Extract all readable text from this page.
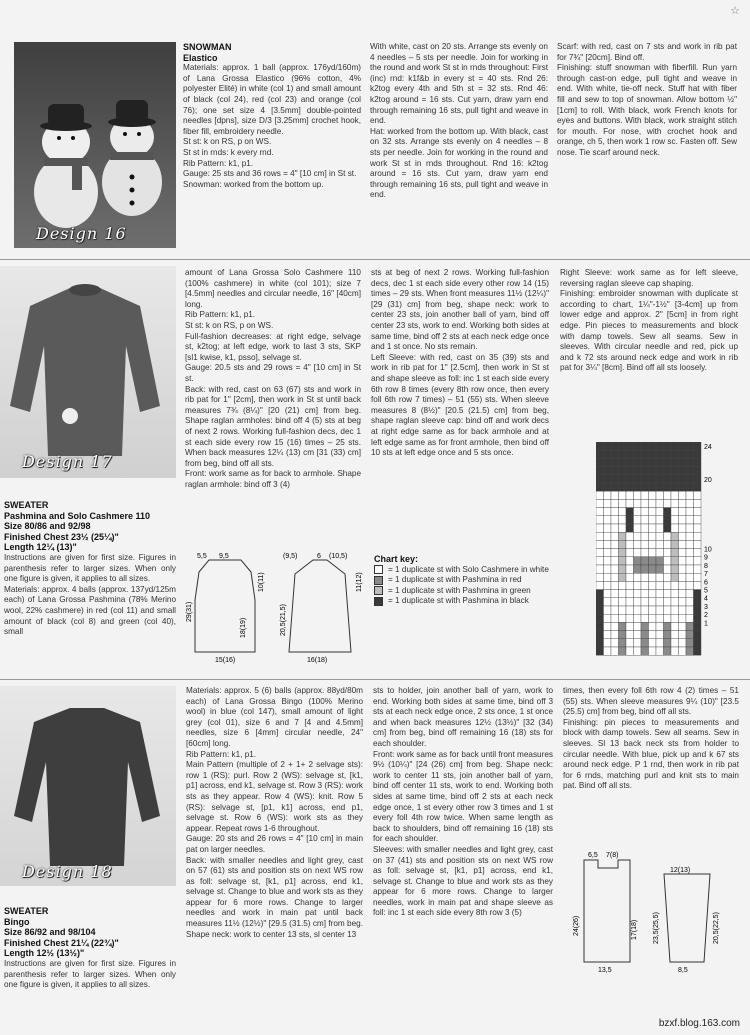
☆
Design 16
SNOWMAN
Elastico
Materials: approx. 1 ball (approx. 176yd/160m) of Lana Grossa Elastico (96% cotton, 4% polyester Elité) in white (col 1) and small amount of black (col 24), red (col 23) and orange (col 76); one set size 4 [3.5mm] double-pointed needles [dpns], size D/3 [3.25mm] crochet hook, fiber fill, embroidery needle.
St st: k on RS, p on WS.
St st in rnds: k every rnd.
Rib Pattern: k1, p1.
Gauge: 25 sts and 36 rows = 4" [10 cm] in St st.
Snowman: worked from the bottom up.
With white, cast on 20 sts. Arrange sts evenly on 4 needles – 5 sts per needle. Join for working in the round and work St st in rnds throughout: First (inc) rnd: k1f&b in every st = 40 sts. Rnd 26: k2tog every 4th and 5th st = 32 sts. Rnd 46: k2tog around = 16 sts. Cut yarn, draw yarn end through remaining 16 sts, pull tight and weave in end.
Hat: worked from the bottom up. With black, cast on 32 sts. Arrange sts evenly on 4 needles – 8 sts per needle. Join for working in the round and work St st in rnds throughout. Rnd 16: k2tog around = 16 sts. Cut yarn, draw yarn end through remaining 16 sts, pull tight and weave in end.
Scarf: with red, cast on 7 sts and work in rib pat for 7¾" [20cm]. Bind off.
Finishing: stuff snowman with fiberfill. Run yarn through cast-on edge, pull tight and weave in end. With white, tie-off neck. Stuff hat with fiber fill and sew to top of snowman. Allow bottom ½" [1cm] to roll. With black, work French knots for eyes and buttons. With black, work straight stitch for mouth. For nose, with crochet hook and orange, ch 5, then work 1 row sc. Fasten off. Sew nose. Tie scarf around neck.
Design 17
SWEATER
Pashmina and Solo Cashmere 110
Size 80/86 and 92/98
Finished Chest 23½ (25¼)"
Length 12¼ (13)"
Instructions are given for first size. Figures in parenthesis refer to larger sizes. When only one figure is given, it applies to all sizes.
Materials: approx. 4 balls (approx. 137yd/125m each) of Lana Grossa Pashmina (78% Merino wool, 22% cashmere) in red (col 11) and small amount of black (col 8) and green (col 40), small
amount of Lana Grossa Solo Cashmere 110 (100% cashmere) in white (col 101); size 7 [4.5mm] needles and circular needle, 16" [40cm] long.
Rib Pattern: k1, p1.
St st: k on RS, p on WS.
Full-fashion decreases: at right edge, selvage st, k2tog; at left edge, work to last 3 sts, SKP [sl1 kwise, k1, psso], selvage st.
Gauge: 20.5 sts and 29 rows = 4" [10 cm] in St st.
Back: with red, cast on 63 (67) sts and work in rib pat for 1" [2cm], then work in St st until back measures 7¾ (8¼)" [20 (21) cm] from beg. Shape raglan armholes: bind off 4 (5) sts at beg of next 2 rows. Working full-fashion decs, dec 1 st each side every row 15 (16) times – 25 sts. When back measures 12¼ (13) cm [31 (33) cm] from beg, bind off all sts.
Front: work same as for back to armhole. Shape raglan armhole: bind off 3 (4)
sts at beg of next 2 rows. Working full-fashion decs, dec 1 st each side every other row 14 (15) times – 29 sts. When front measures 11½ (12¼)" [29 (31) cm] from beg, shape neck: work to center 23 sts, join another ball of yarn, bind off center 23 sts, work to end. Working both sides at same time, bind off 2 sts at each neck edge once and 1 st once. No sts remain.
Left Sleeve: with red, cast on 35 (39) sts and work in rib pat for 1" [2.5cm], then work in St st and shape sleeve as foll: inc 1 st each side every 6th row 8 times (every 8th row once, then every foll 6th row 7 times) – 51 (55) sts. When sleeve measures 8 (8½)" [20.5 (21.5) cm] from beg, shape raglan sleeve cap: bind off and work decs at right edge same as for back armhole and at left edge same as for front armhole, then bind off 10 sts at left edge once and 5 sts once.
Right Sleeve: work same as for left sleeve, reversing raglan sleeve cap shaping.
Finishing: embroider snowman with duplicate st according to chart, 1¼"-1½" [3-4cm] up from lower edge and approx. 2" [5cm] in from right edge. Pin pieces to measurements and block with damp towels. Sew all seams. Sew in sleeves. With circular needle and red, pick up and k 72 sts around neck edge and work in rib pat for 3¼" [8cm]. Bind off all sts loosely.
Chart key:
= 1 duplicate st with Solo Cashmere in white
= 1 duplicate st with Pashmina in red
= 1 duplicate st with Pashmina in green
= 1 duplicate st with Pashmina in black
24
20
10
9
8
7
6
5
4
3
2
1
5,5 9,5
10(11)
29(31)
18(19)
15(16)
(9,5)	6 (10,5)
11(12)
20,5(21,5)
16(18)
Design 18
SWEATER
Bingo
Size 86/92 and 98/104
Finished Chest 21¼ (22¾)"
Length 12½ (13½)"
Instructions are given for first size. Figures in parenthesis refer to larger sizes. When only one figure is given, it applies to all sizes.
Materials: approx. 5 (6) balls (approx. 88yd/80m each) of Lana Grossa Bingo (100% Merino wool) in blue (col 147), small amount of light grey (col 01), size 6 and 7 [4 and 4.5mm] needles, size 6 [4mm] circular needle, 24" [60cm] long.
Rib Pattern: k1, p1.
Main Pattern (multiple of 2 + 1+ 2 selvage sts): row 1 (RS): purl. Row 2 (WS): selvage st, [k1, p1] across, end k1, selvage st. Row 3 (RS): work sts as they appear. Row 4 (WS): knit. Row 5 (RS): selvage st, [p1, k1] across, end p1, selvage st. Row 6 (WS): work sts as they appear. Repeat rows 1-6 throughout.
Gauge: 20 sts and 26 rows = 4" [10 cm] in main pat on larger needles.
Back: with smaller needles and light grey, cast on 57 (61) sts and position sts on next WS row as foll: selvage st, [k1, p1] across, end k1, selvage st. Change to blue and work sts as they appear for 6 more rows. Change to larger needles and work in main pat until back measures 11½ (12½)" [29.5 (31.5) cm] from beg. Shape neck: work to center 13 sts, sl center 13
sts to holder, join another ball of yarn, work to end. Working both sides at same time, bind off 3 sts at each neck edge once, 2 sts once, 1 st once and when back measures 12½ (13½)" [32 (34) cm] from beg, bind off remaining 16 (18) sts for each shoulder.
Front: work same as for back until front measures 9½ (10¼)" [24 (26) cm] from beg. Shape neck: work to center 11 sts, join another ball of yarn, bind off center 11 sts, work to end. Working both sides at same time, bind off 2 sts at each neck edge once, 1 st every other row 3 times and 1 st every foll 4th row twice. When same length as back to shoulders, bind off remaining 16 (18) sts for each shoulder.
Sleeves: with smaller needles and light grey, cast on 37 (41) sts and position sts on next WS row as foll: selvage st, [k1, p1] across, end k1, selvage st. Change to blue and work sts as they appear for 6 more rows. Change to larger needles, work in main pat and shape sleeve as foll: inc 1 st each side every 8th row 3 (5)
times, then every foll 6th row 4 (2) times – 51 (55) sts. When sleeve measures 9¼ (10)" [23.5 (25.5) cm] from beg, bind off all sts.
Finishing: pin pieces to measurements and block with damp towels. Sew all seams. Sew in sleeves. Sl 13 back neck sts from holder to circular needle. With blue, pick up and k 67 sts around neck edge. P 1 rnd, then work in rib pat for 6 rnds, matching purl and knit sts to main pat. Bind off all sts.
6,5 7(8)
24(26)	17(18)
13,5
12(13)
23,5(25,5)	20,5(22,5)
8,5
bzxf.blog.163.com
